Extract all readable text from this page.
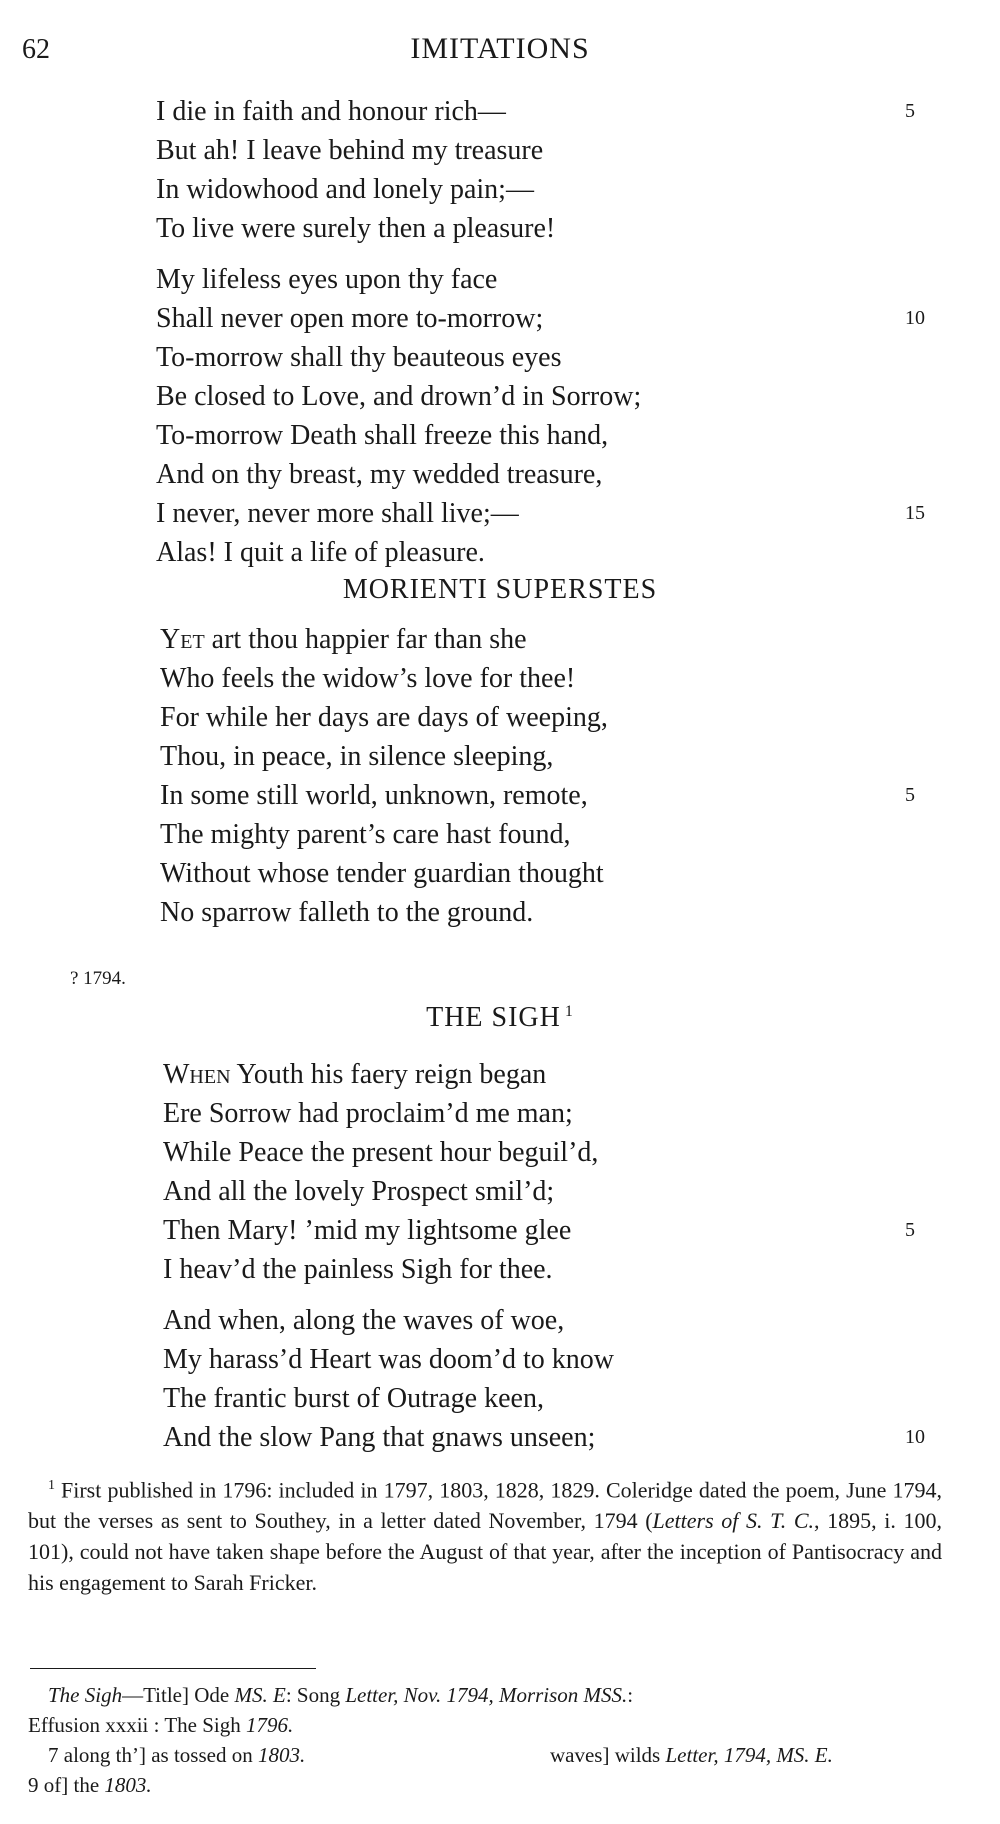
62	IMITATIONS
I die in faith and honour rich—	5
But ah! I leave behind my treasure
In widowhood and lonely pain;—
To live were surely then a pleasure!
My lifeless eyes upon thy face
Shall never open more to-morrow;	10
To-morrow shall thy beauteous eyes
Be closed to Love, and drown’d in Sorrow;
To-morrow Death shall freeze this hand,
And on thy breast, my wedded treasure,
I never, never more shall live;—	15
Alas! I quit a life of pleasure.
MORIENTI SUPERSTES
Yet art thou happier far than she
Who feels the widow’s love for thee!
For while her days are days of weeping,
Thou, in peace, in silence sleeping,
In some still world, unknown, remote,	5
The mighty parent’s care hast found,
Without whose tender guardian thought
No sparrow falleth to the ground.
? 1794.
THE SIGH $^1$
When Youth his faery reign began
Ere Sorrow had proclaim’d me man;
While Peace the present hour beguil’d,
And all the lovely Prospect smil’d;
Then Mary! ’mid my lightsome glee	5
I heav’d the painless Sigh for thee.
And when, along the waves of woe,
My harass’d Heart was doom’d to know
The frantic burst of Outrage keen,
And the slow Pang that gnaws unseen;	10
$^1$ First published in 1796: included in 1797, 1803, 1828, 1829. Coleridge dated the poem, June 1794, but the verses as sent to Southey, in a letter dated November, 1794 (Letters of S. T. C., 1895, i. 100, 101), could not have taken shape before the August of that year, after the inception of Pantisocracy and his engagement to Sarah Fricker.
The Sigh—Title] Ode MS. E: Song Letter, Nov. 1794, Morrison MSS.:
Effusion xxxii : The Sigh 1796.
7 along th’] as tossed on 1803.	waves] wilds Letter, 1794, MS. E.
9 of] the 1803.
